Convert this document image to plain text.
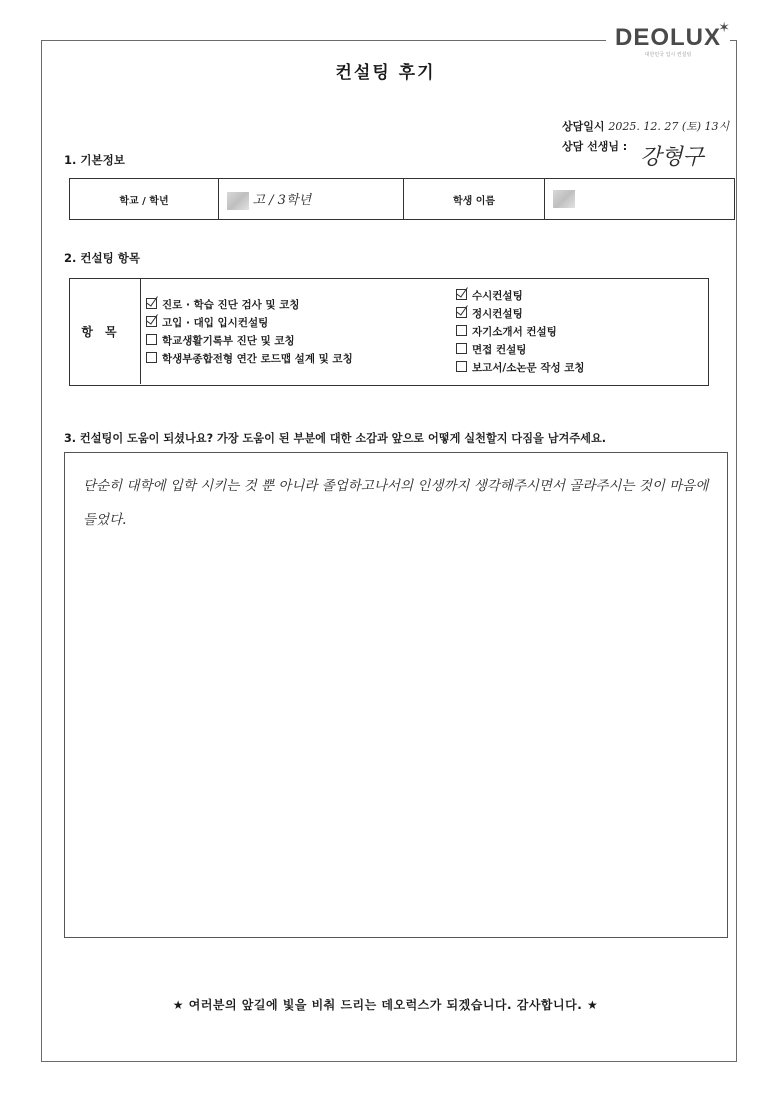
DEOLUX
✶
대한민국 입시 컨설팅
컨설팅 후기
상담일시 2025. 12. 27 (토) 13시
상담 선생님 : 강형구
1. 기본정보
학교 / 학년	고 / 3학년	학생 이름	
2. 컨설팅 항목
항목
진로 · 학습 진단 검사 및 코칭
고입 · 대입 입시컨설팅
학교생활기록부 진단 및 코칭
학생부종합전형 연간 로드맵 설계 및 코칭
수시컨설팅
정시컨설팅
자기소개서 컨설팅
면접 컨설팅
보고서/소논문 작성 코칭
3. 컨설팅이 도움이 되셨나요? 가장 도움이 된 부분에 대한 소감과 앞으로 어떻게 실천할지 다짐을 남겨주세요.
단순히 대학에 입학 시키는 것 뿐 아니라 졸업하고나서의 인생까지 생각해주시면서 골라주시는 것이 마음에
들었다.
★ 여러분의 앞길에 빛을 비춰 드리는 데오럭스가 되겠습니다. 감사합니다. ★
